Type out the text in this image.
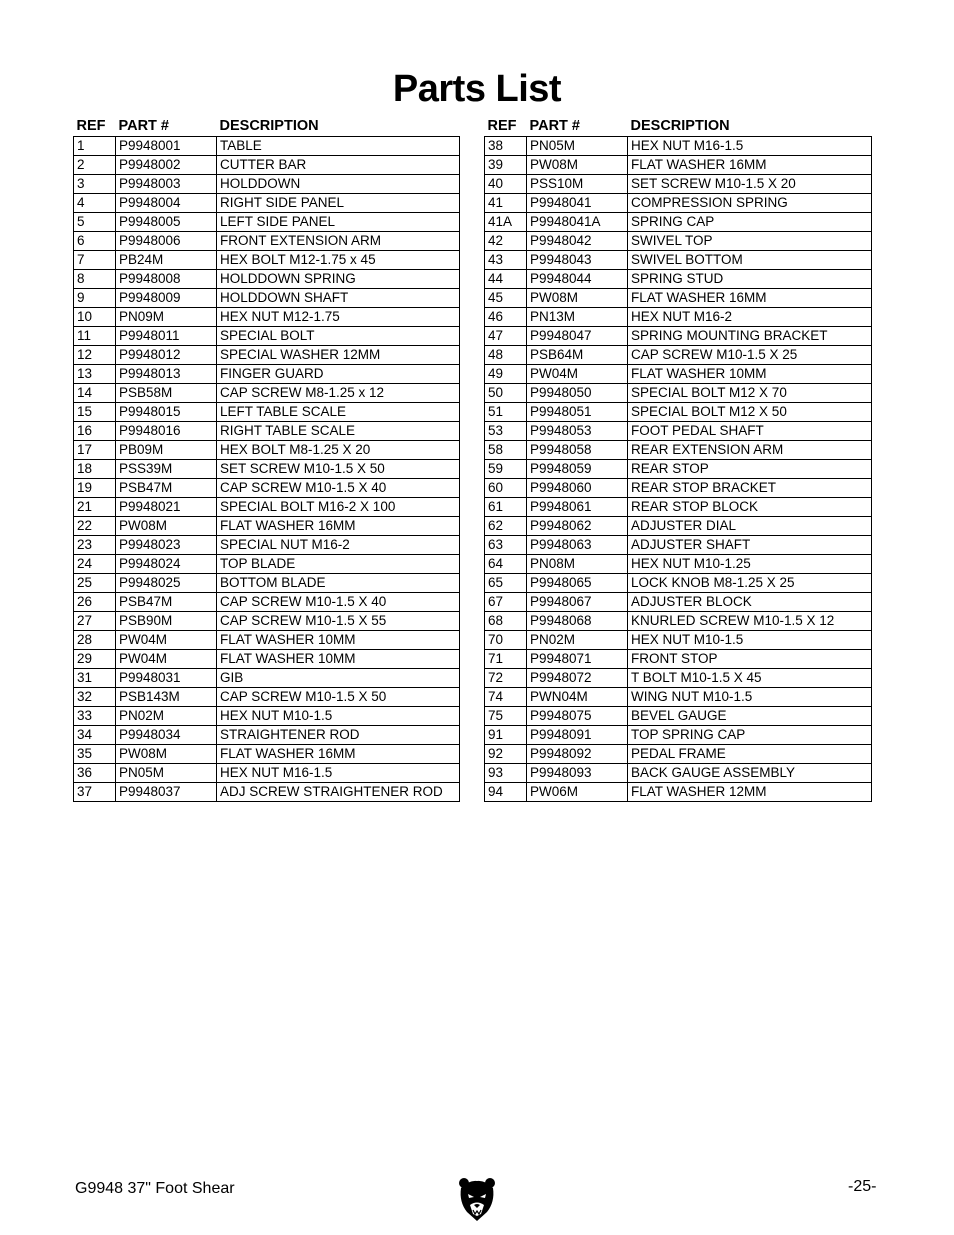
Parts List
REF	PART #	DESCRIPTION
1	P9948001	TABLE
2	P9948002	CUTTER BAR
3	P9948003	HOLDDOWN
4	P9948004	RIGHT SIDE PANEL
5	P9948005	LEFT SIDE PANEL
6	P9948006	FRONT EXTENSION ARM
7	PB24M	HEX BOLT M12-1.75 x 45
8	P9948008	HOLDDOWN SPRING
9	P9948009	HOLDDOWN SHAFT
10	PN09M	HEX NUT M12-1.75
11	P9948011	SPECIAL BOLT
12	P9948012	SPECIAL WASHER 12MM
13	P9948013	FINGER GUARD
14	PSB58M	CAP SCREW M8-1.25 x 12
15	P9948015	LEFT TABLE SCALE
16	P9948016	RIGHT TABLE SCALE
17	PB09M	HEX BOLT M8-1.25 X 20
18	PSS39M	SET SCREW M10-1.5 X 50
19	PSB47M	CAP SCREW M10-1.5 X 40
21	P9948021	SPECIAL BOLT M16-2 X 100
22	PW08M	FLAT WASHER 16MM
23	P9948023	SPECIAL NUT M16-2
24	P9948024	TOP BLADE
25	P9948025	BOTTOM BLADE
26	PSB47M	CAP SCREW M10-1.5 X 40
27	PSB90M	CAP SCREW M10-1.5 X 55
28	PW04M	FLAT WASHER 10MM
29	PW04M	FLAT WASHER 10MM
31	P9948031	GIB
32	PSB143M	CAP SCREW M10-1.5 X 50
33	PN02M	HEX NUT M10-1.5
34	P9948034	STRAIGHTENER ROD
35	PW08M	FLAT WASHER 16MM
36	PN05M	HEX NUT M16-1.5
37	P9948037	ADJ SCREW STRAIGHTENER ROD
REF	PART #	DESCRIPTION
38	PN05M	HEX NUT M16-1.5
39	PW08M	FLAT WASHER 16MM
40	PSS10M	SET SCREW M10-1.5 X 20
41	P9948041	COMPRESSION SPRING
41A	P9948041A	SPRING CAP
42	P9948042	SWIVEL TOP
43	P9948043	SWIVEL BOTTOM
44	P9948044	SPRING STUD
45	PW08M	FLAT WASHER 16MM
46	PN13M	HEX NUT M16-2
47	P9948047	SPRING MOUNTING BRACKET
48	PSB64M	CAP SCREW M10-1.5 X 25
49	PW04M	FLAT WASHER 10MM
50	P9948050	SPECIAL BOLT M12 X 70
51	P9948051	SPECIAL BOLT M12 X 50
53	P9948053	FOOT PEDAL SHAFT
58	P9948058	REAR EXTENSION ARM
59	P9948059	REAR STOP
60	P9948060	REAR STOP BRACKET
61	P9948061	REAR STOP BLOCK
62	P9948062	ADJUSTER DIAL
63	P9948063	ADJUSTER SHAFT
64	PN08M	HEX NUT M10-1.25
65	P9948065	LOCK KNOB M8-1.25 X 25
67	P9948067	ADJUSTER BLOCK
68	P9948068	KNURLED SCREW M10-1.5 X 12
70	PN02M	HEX NUT M10-1.5
71	P9948071	FRONT STOP
72	P9948072	T BOLT M10-1.5 X 45
74	PWN04M	WING NUT M10-1.5
75	P9948075	BEVEL GAUGE
91	P9948091	TOP SPRING CAP
92	P9948092	PEDAL FRAME
93	P9948093	BACK GAUGE ASSEMBLY
94	PW06M	FLAT WASHER 12MM
G9948 37" Foot Shear	-25-
